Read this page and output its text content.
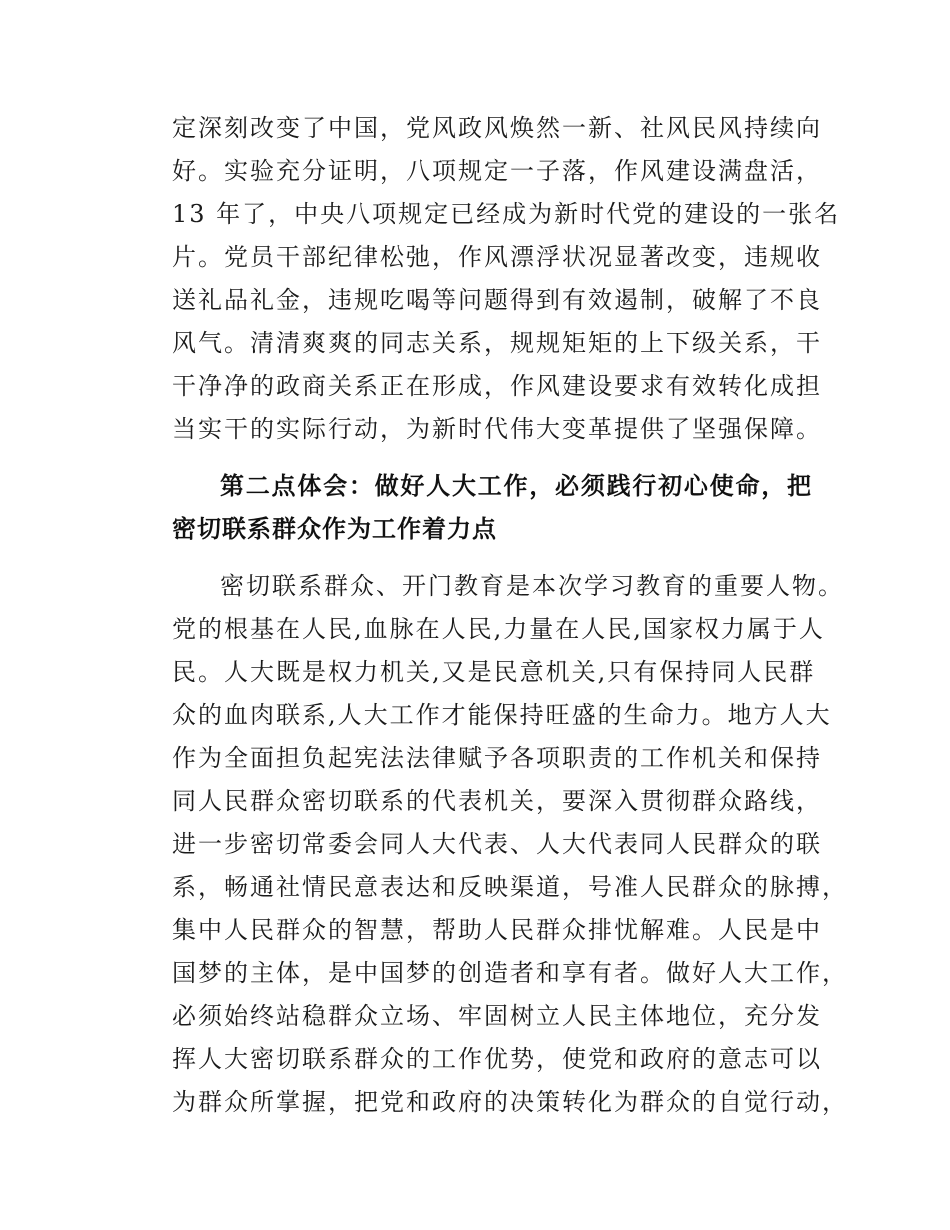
定深刻改变了中国，党风政风焕然一新、社风民风持续向
好。实验充分证明，八项规定一子落，作风建设满盘活，
13 年了，中央八项规定已经成为新时代党的建设的一张名
片。党员干部纪律松弛，作风漂浮状况显著改变，违规收
送礼品礼金，违规吃喝等问题得到有效遏制，破解了不良
风气。清清爽爽的同志关系，规规矩矩的上下级关系，干
干净净的政商关系正在形成，作风建设要求有效转化成担
当实干的实际行动，为新时代伟大变革提供了坚强保障。
第二点体会：做好人大工作，必须践行初心使命，把
密切联系群众作为工作着力点
密切联系群众、开门教育是本次学习教育的重要人物。
党的根基在人民,血脉在人民,力量在人民,国家权力属于人
民。人大既是权力机关,又是民意机关,只有保持同人民群
众的血肉联系,人大工作才能保持旺盛的生命力。地方人大
作为全面担负起宪法法律赋予各项职责的工作机关和保持
同人民群众密切联系的代表机关，要深入贯彻群众路线，
进一步密切常委会同人大代表、人大代表同人民群众的联
系，畅通社情民意表达和反映渠道，号准人民群众的脉搏，
集中人民群众的智慧，帮助人民群众排忧解难。人民是中
国梦的主体，是中国梦的创造者和享有者。做好人大工作，
必须始终站稳群众立场、牢固树立人民主体地位，充分发
挥人大密切联系群众的工作优势，使党和政府的意志可以
为群众所掌握，把党和政府的决策转化为群众的自觉行动，
